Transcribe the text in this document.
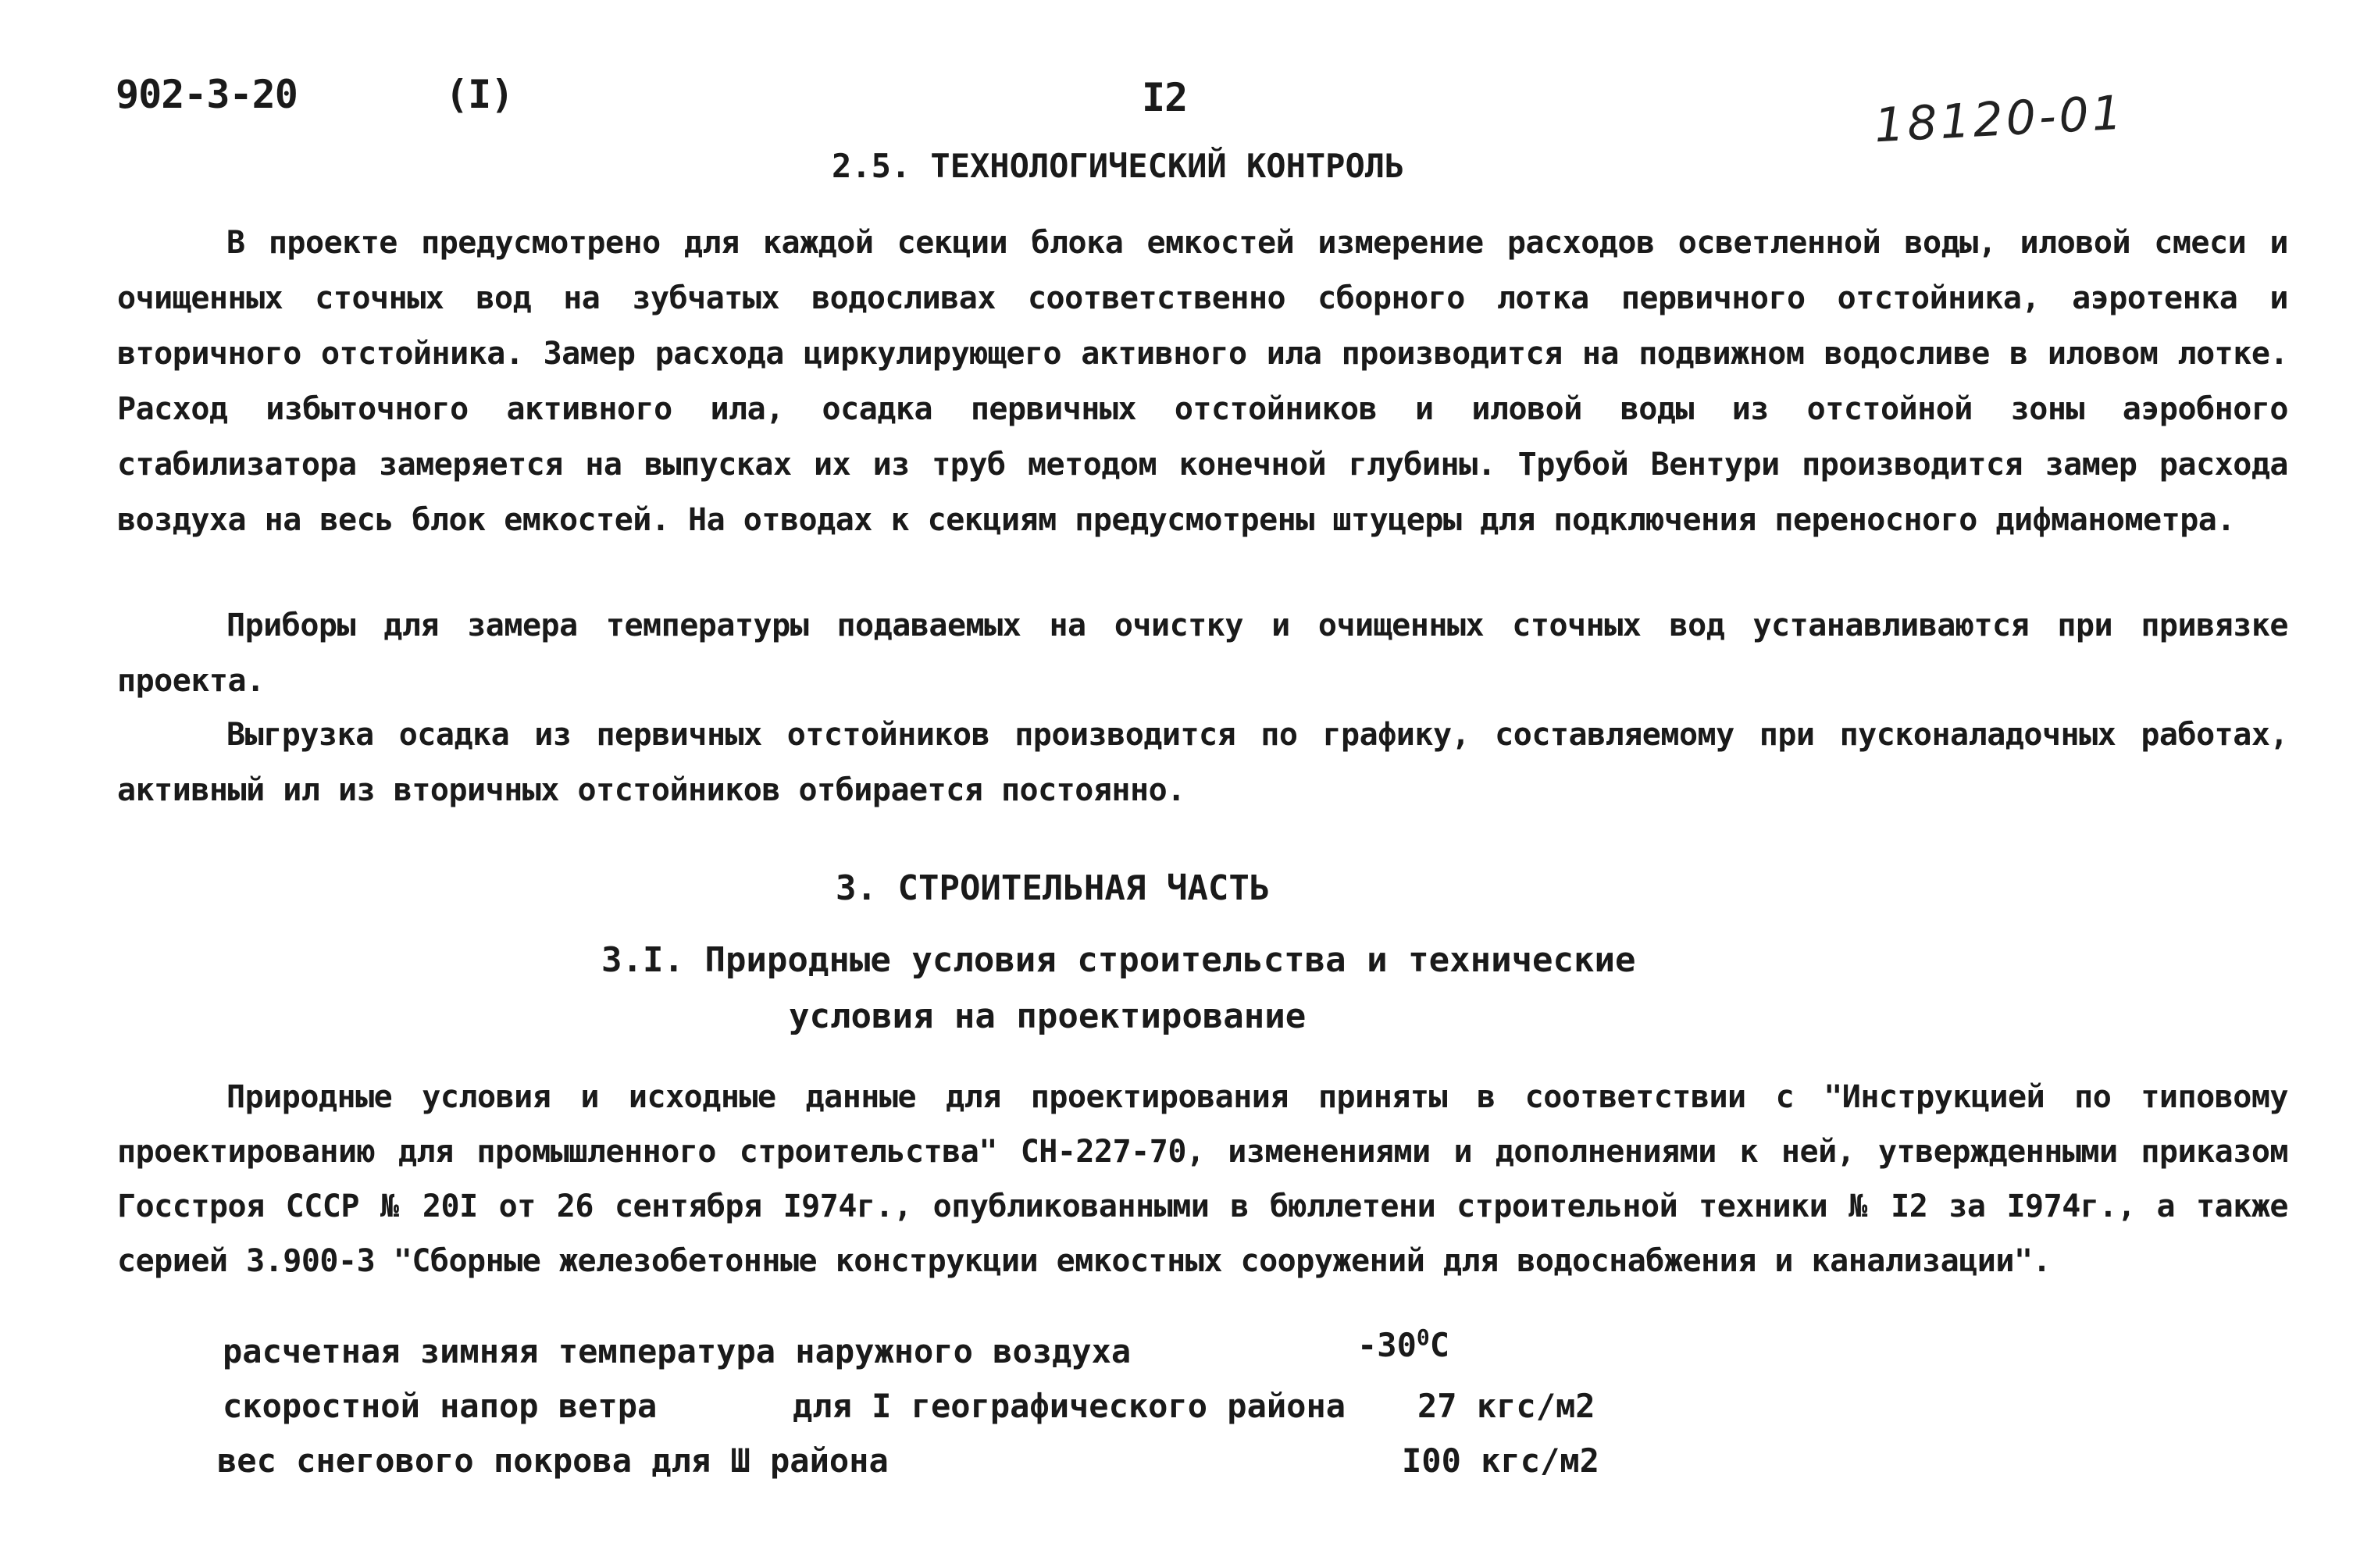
902-3-20	(I)	I2	18120-01
2.5. ТЕХНОЛОГИЧЕСКИЙ КОНТРОЛЬ
В проекте предусмотрено для каждой секции блока емкостей измерение расходов осветленной воды, иловой смеси и очищенных сточных вод на зубчатых водосливах соответственно сборного лотка первичного отстойника, аэротенка и вторичного отстойника. Замер расхода циркулирующего активного ила производится на подвижном водосливе в иловом лотке. Расход избыточного активного ила, осадка первичных отстойников и иловой воды из отстойной зоны аэробного стабилизатора замеряется на выпусках их из труб методом конечной глубины. Трубой Вентури производится замер расхода воздуха на весь блок емкостей. На отводах к секциям предусмотрены штуцеры для подключения переносного дифманометра.
Приборы для замера температуры подаваемых на очистку и очищенных сточных вод устанавливаются при привязке проекта.
Выгрузка осадка из первичных отстойников производится по графику, составляемому при пусконаладочных работах, активный ил из вторичных отстойников отбирается постоянно.
3. СТРОИТЕЛЬНАЯ ЧАСТЬ
3.I. Природные условия строительства и технические
условия на проектирование
Природные условия и исходные данные для проектирования приняты в соответствии с "Инструкцией по типовому проектированию для промышленного строительства" СН-227-70, изменениями и дополнениями к ней, утвержденными приказом Госстроя СССР № 20I от 26 сентября I974г., опубликованными в бюллетени строительной техники № I2 за I974г., а также серией 3.900-3 "Сборные железобетонные конструкции емкостных сооружений для водоснабжения и канализации".
расчетная зимняя температура наружного воздуха	$-30^0С$
скоростной напор ветра	для I географического района 27 кгс/м2
вес снегового покрова для Ш района	I00 кгс/м2
